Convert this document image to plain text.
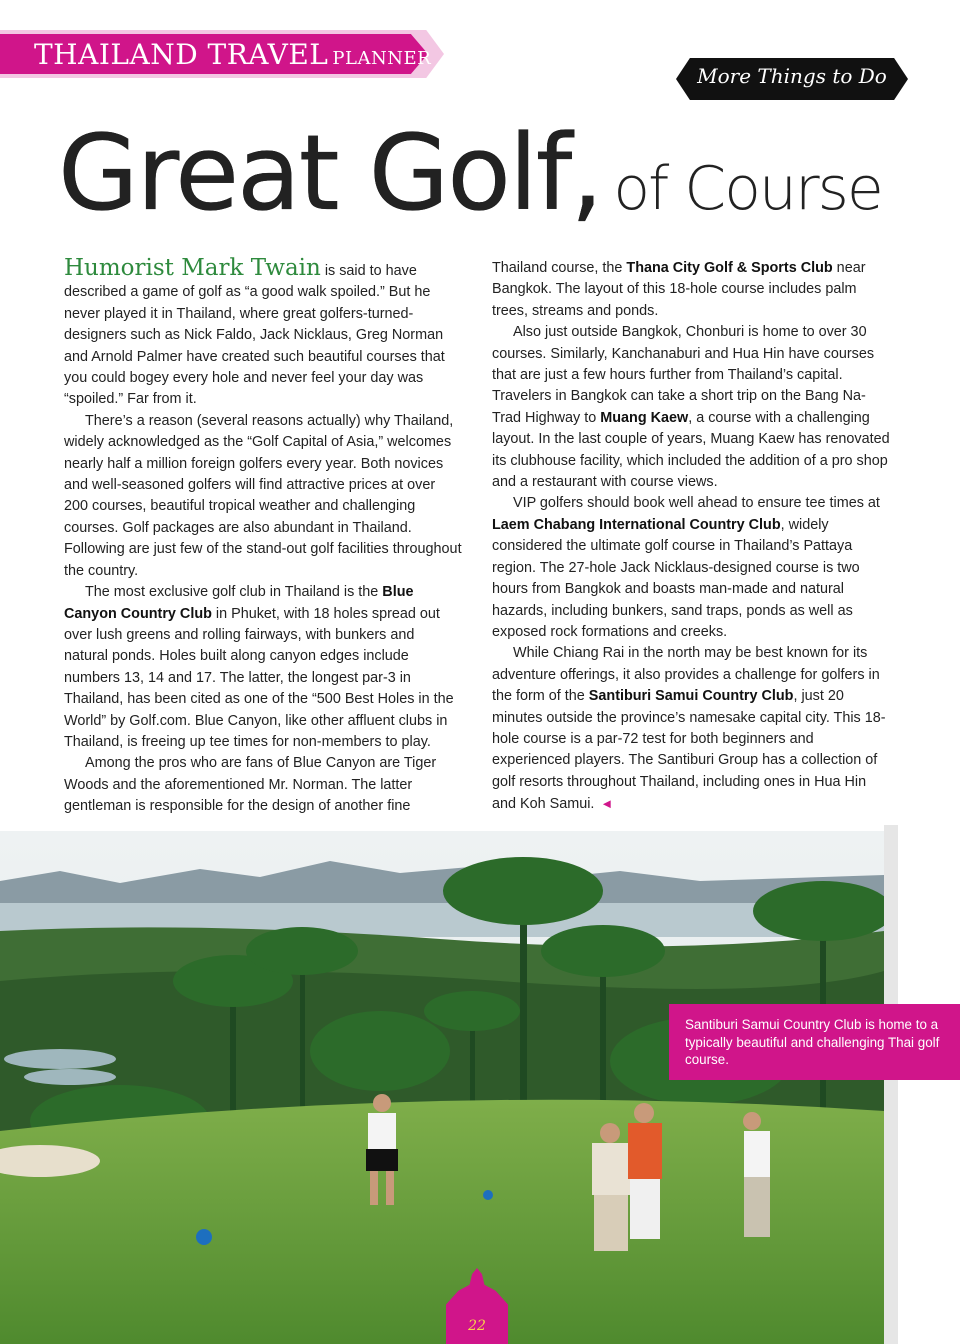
THAILAND TRAVEL PLANNER
More Things to Do
Great Golf, of Course

Humorist Mark Twain is said to have described a game of golf as “a good walk spoiled.” But he never played it in Thailand, where great golfers-turned-designers such as Nick Faldo, Jack Nicklaus, Greg Norman and Arnold Palmer have created such beautiful courses that you could bogey every hole and never feel your day was “spoiled.” Far from it.

There’s a reason (several reasons actually) why Thailand, widely acknowledged as the “Golf Capital of Asia,” welcomes nearly half a million foreign golfers every year. Both novices and well-seasoned golfers will find attractive prices at over 200 courses, beautiful tropical weather and challenging courses. Golf packages are also abundant in Thailand. Following are just few of the stand-out golf facilities throughout the country.

The most exclusive golf club in Thailand is the Blue Canyon Country Club in Phuket, with 18 holes spread out over lush greens and rolling fairways, with bunkers and natural ponds. Holes built along canyon edges include numbers 13, 14 and 17. The latter, the longest par-3 in Thailand, has been cited as one of the “500 Best Holes in the World” by Golf.com. Blue Canyon, like other affluent clubs in Thailand, is freeing up tee times for non-members to play.

Among the pros who are fans of Blue Canyon are Tiger Woods and the aforementioned Mr. Norman. The latter gentleman is responsible for the design of another fine

Thailand course, the Thana City Golf & Sports Club near Bangkok. The layout of this 18-hole course includes palm trees, streams and ponds.

Also just outside Bangkok, Chonburi is home to over 30 courses. Similarly, Kanchanaburi and Hua Hin have courses that are just a few hours further from Thailand’s capital. Travelers in Bangkok can take a short trip on the Bang Na-Trad Highway to Muang Kaew, a course with a challenging layout. In the last couple of years, Muang Kaew has renovated its clubhouse facility, which included the addition of a pro shop and a restaurant with course views.

VIP golfers should book well ahead to ensure tee times at Laem Chabang International Country Club, widely considered the ultimate golf course in Thailand’s Pattaya region. The 27-hole Jack Nicklaus-designed course is two hours from Bangkok and boasts man-made and natural hazards, including bunkers, sand traps, ponds as well as exposed rock formations and creeks.

While Chiang Rai in the north may be best known for its adventure offerings, it also provides a challenge for golfers in the form of the Santiburi Samui Country Club, just 20 minutes outside the province’s namesake capital city. This 18-hole course is a par-72 test for both beginners and experienced players. The Santiburi Group has a collection of golf resorts throughout Thailand, including ones in Hua Hin and Koh Samui. ◄

Santiburi Samui Country Club is home to a typically beautiful and challenging Thai golf course.
22
